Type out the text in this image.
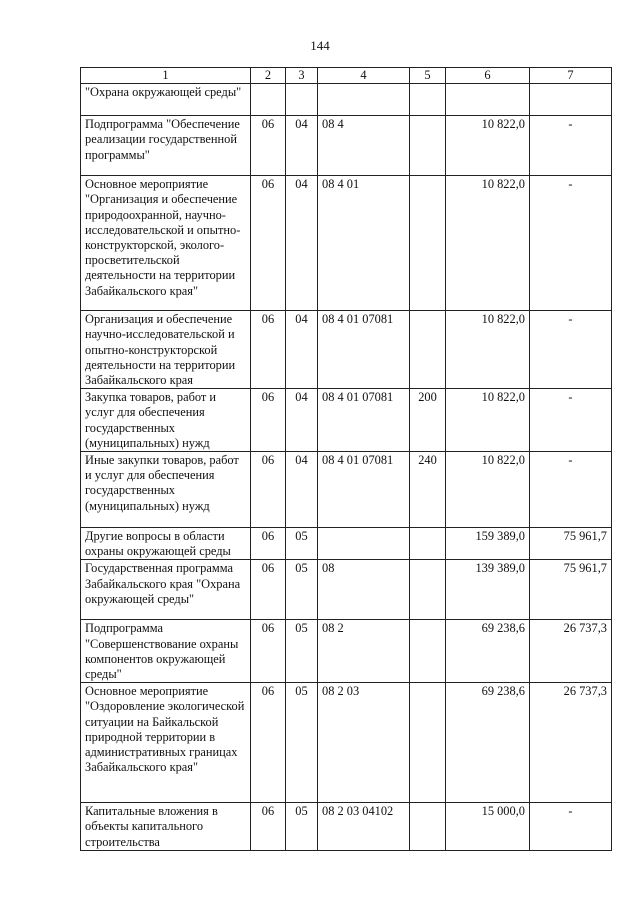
144
1	2	3	4	5	6	7
"Охрана окружающей среды"						
Подпрограмма "Обеспечение реализации государственной программы"	06	04	08 4		10 822,0	-
Основное мероприятие "Организация и обеспечение природоохранной, научно-исследовательской и опытно- конструкторской, эколого-просветительской деятельности на территории Забайкальского края"	06	04	08 4 01		10 822,0	-
Организация и обеспечение научно-исследовательской и опытно-конструкторской деятельности на территории Забайкальского края	06	04	08 4 01 07081		10 822,0	-
Закупка товаров, работ и услуг для обеспечения государственных (муниципальных) нужд	06	04	08 4 01 07081	200	10 822,0	-
Иные закупки товаров, работ и услуг для обеспечения государственных (муниципальных) нужд	06	04	08 4 01 07081	240	10 822,0	-
Другие вопросы в области охраны окружающей среды	06	05			159 389,0	75 961,7
Государственная программа Забайкальского края "Охрана окружающей среды"	06	05	08		139 389,0	75 961,7
Подпрограмма "Совершенствование охраны компонентов окружающей среды"	06	05	08 2		69 238,6	26 737,3
Основное мероприятие "Оздоровление экологической ситуации на Байкальской природной территории в административных границах Забайкальского края"	06	05	08 2 03		69 238,6	26 737,3
Капитальные вложения в объекты капитального строительства	06	05	08 2 03 04102		15 000,0	-
